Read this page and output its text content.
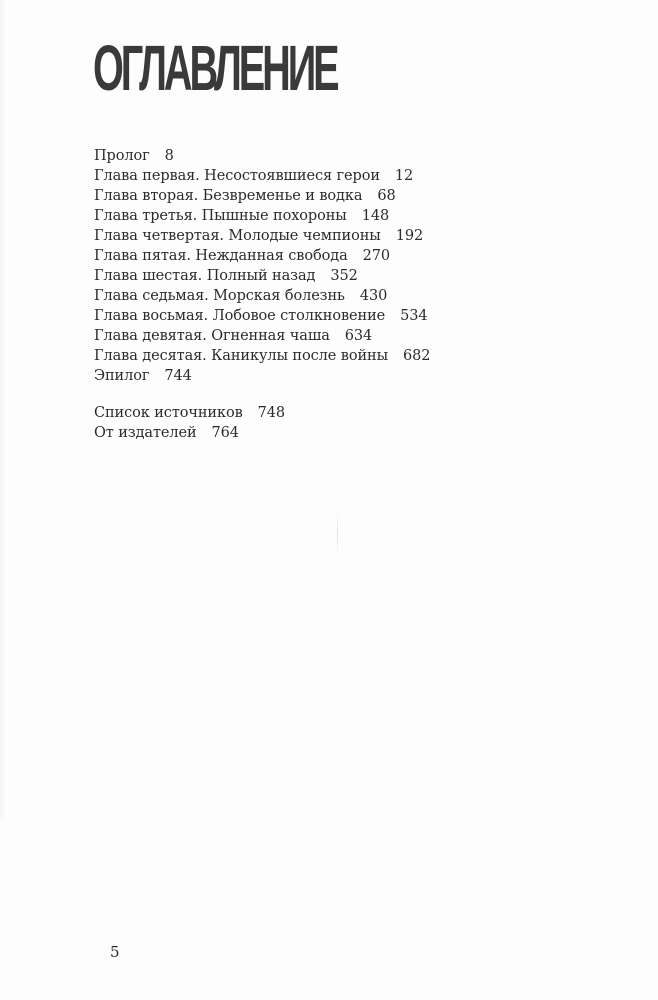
ОГЛАВЛЕНИЕ
Пролог 8
Глава первая. Несостоявшиеся герои 12
Глава вторая. Безвременье и водка 68
Глава третья. Пышные похороны 148
Глава четвертая. Молодые чемпионы 192
Глава пятая. Нежданная свобода 270
Глава шестая. Полный назад 352
Глава седьмая. Морская болезнь 430
Глава восьмая. Лобовое столкновение 534
Глава девятая. Огненная чаша 634
Глава десятая. Каникулы после войны 682
Эпилог 744
Список источников 748
От издателей 764
5
